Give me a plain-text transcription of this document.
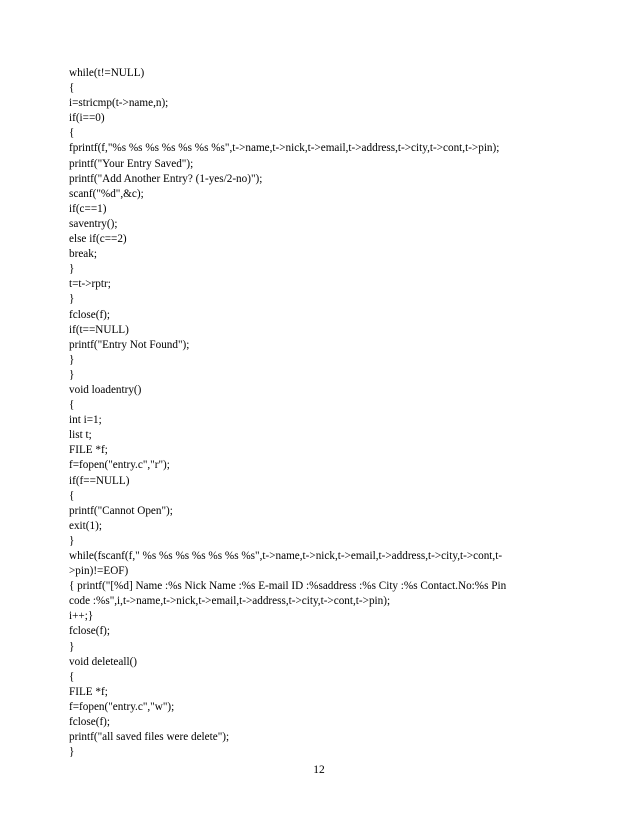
while(t!=NULL)
{
i=stricmp(t->name,n);
if(i==0)
{
fprintf(f,"%s %s %s %s %s %s %s",t->name,t->nick,t->email,t->address,t->city,t->cont,t->pin);
printf("Your Entry Saved");
printf("Add Another Entry? (1-yes/2-no)");
scanf("%d",&c);
if(c==1)
saventry();
else if(c==2)
break;
}
t=t->rptr;
}
fclose(f);
if(t==NULL)
printf("Entry Not Found");
}
}
void loadentry()
{
int i=1;
list t;
FILE *f;
f=fopen("entry.c","r");
if(f==NULL)
{
printf("Cannot Open");
exit(1);
}
while(fscanf(f," %s %s %s %s %s %s %s",t->name,t->nick,t->email,t->address,t->city,t->cont,t-
>pin)!=EOF)
{ printf("[%d] Name :%s Nick Name :%s E-mail ID :%saddress :%s City :%s Contact.No:%s Pin
code :%s",i,t->name,t->nick,t->email,t->address,t->city,t->cont,t->pin);
i++;}
fclose(f);
}
void deleteall()
{
FILE *f;
f=fopen("entry.c","w");
fclose(f);
printf("all saved files were delete");
}
12
